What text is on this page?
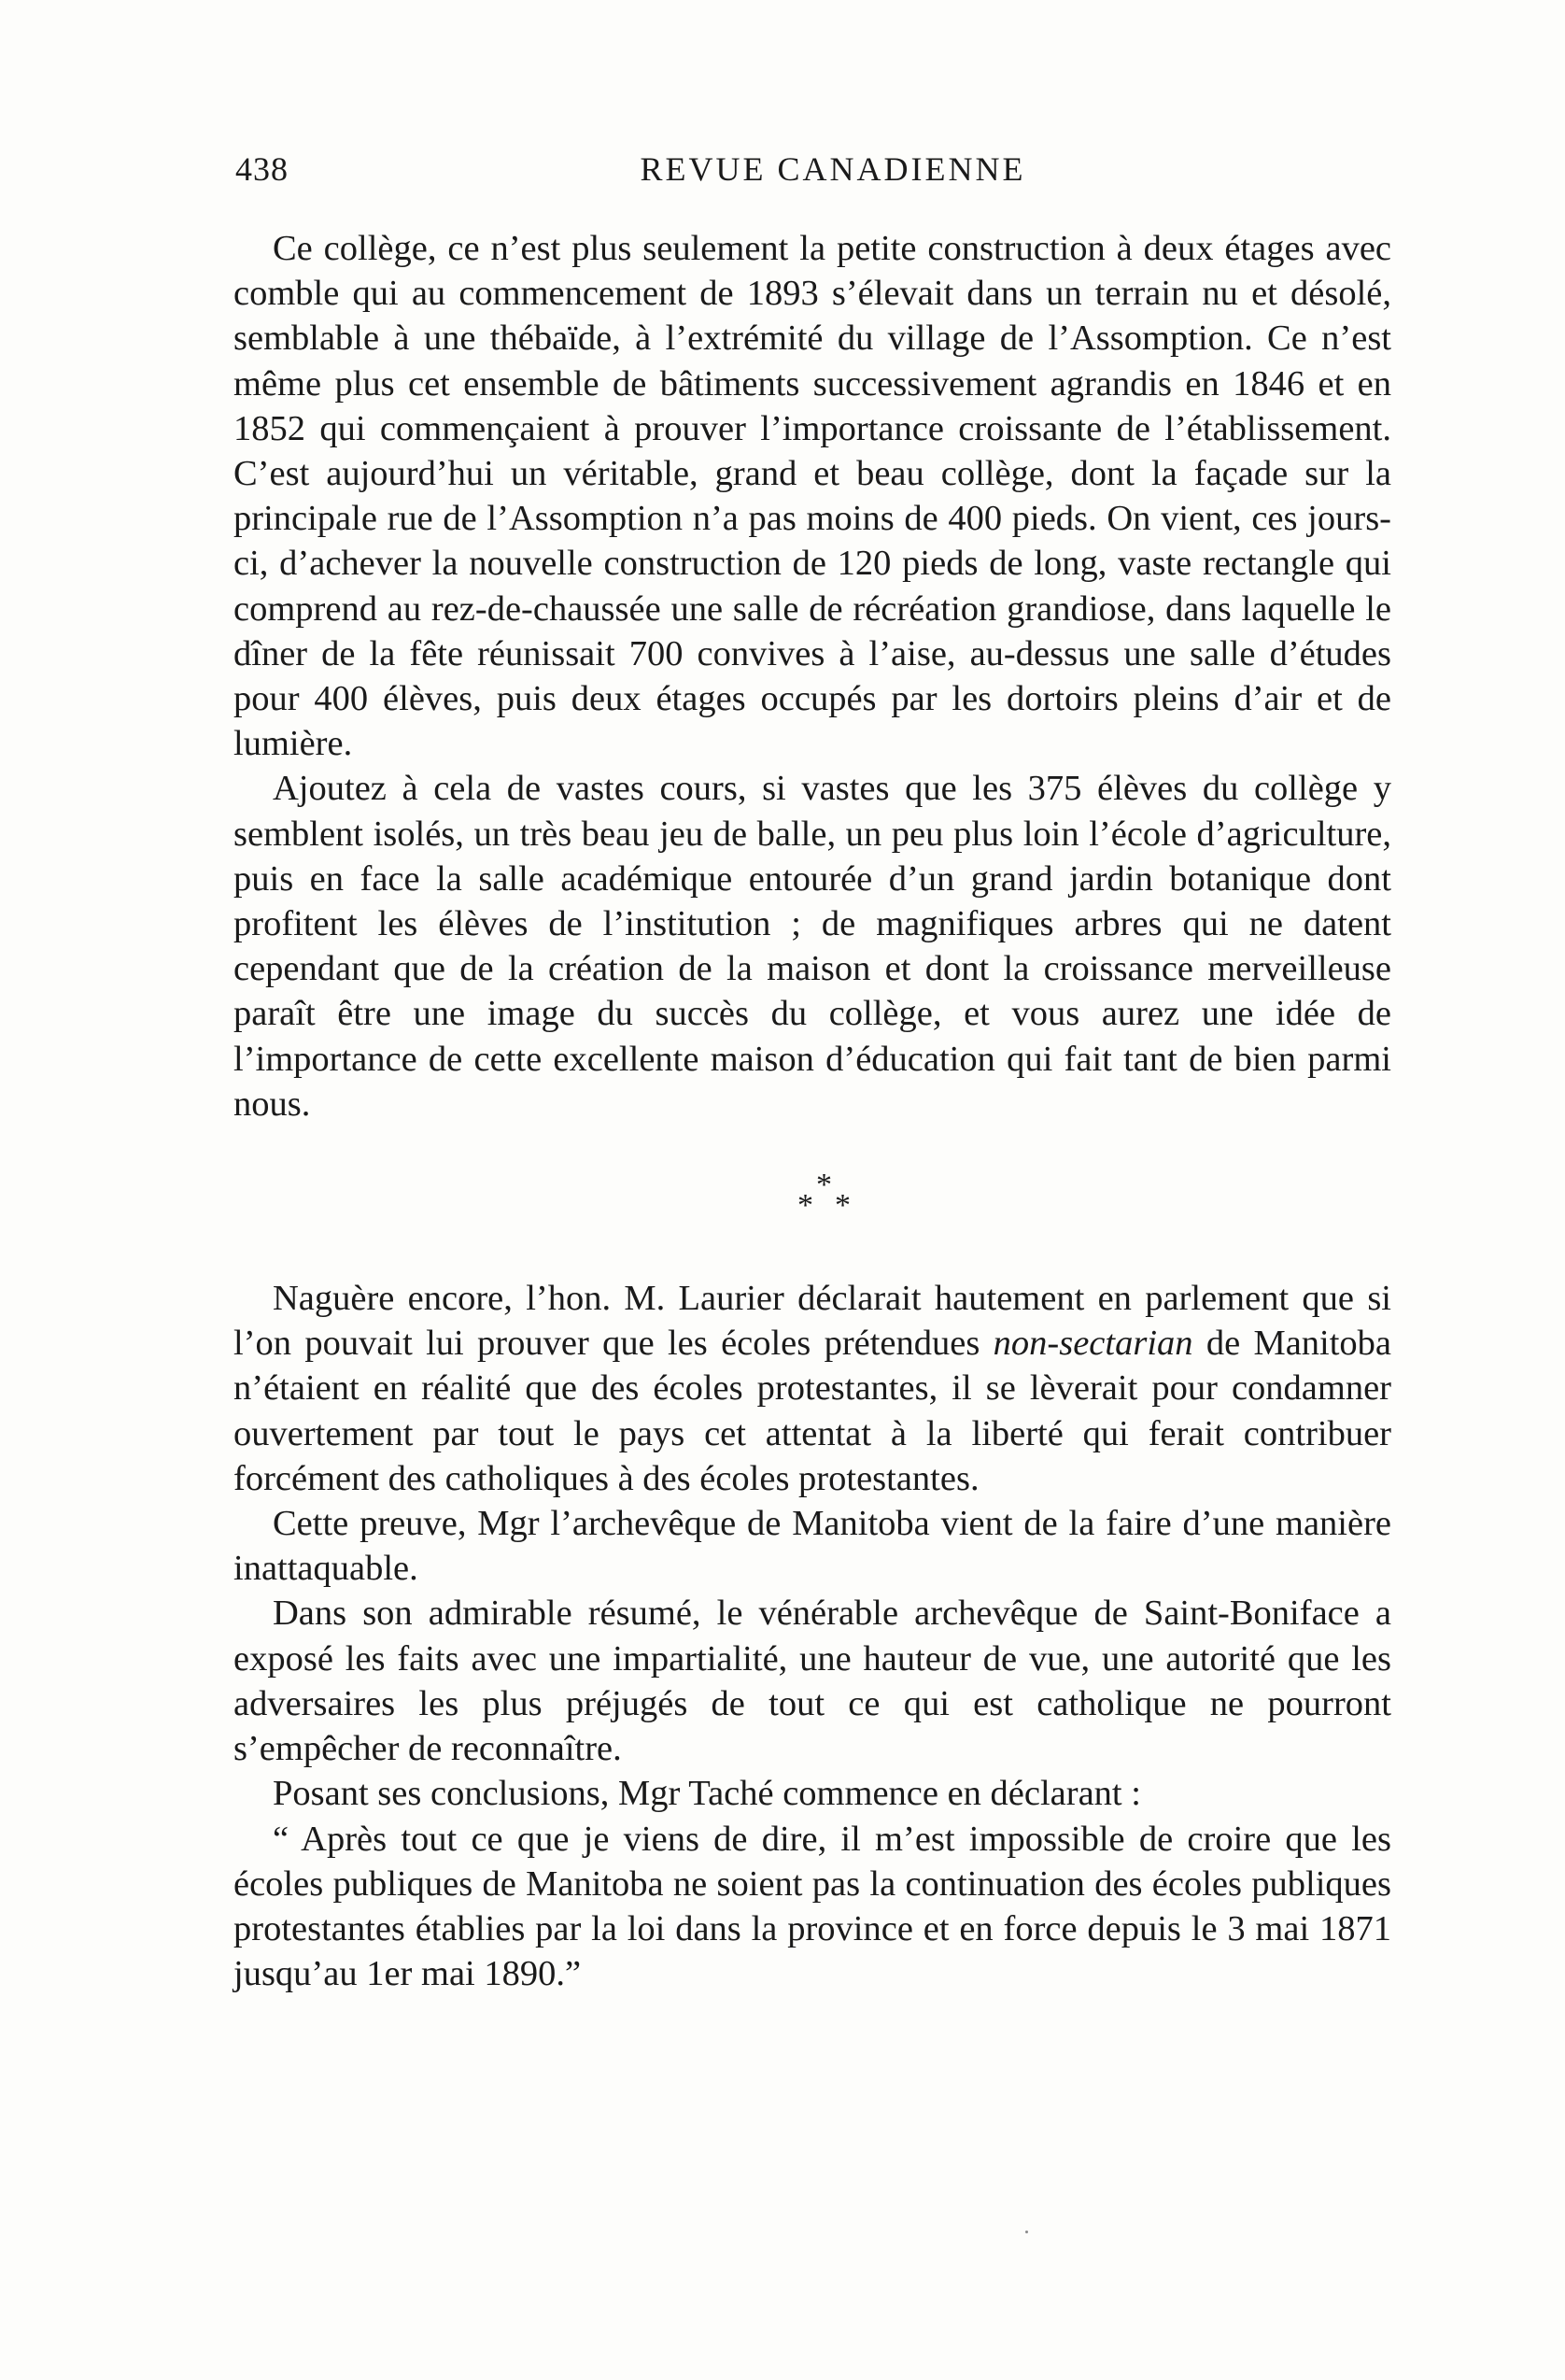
438	REVUE CANADIENNE

Ce collège, ce n’est plus seulement la petite construction à deux étages avec comble qui au commencement de 1893 s’élevait dans un terrain nu et désolé, semblable à une thébaïde, à l’extrémité du village de l’Assomption. Ce n’est même plus cet ensemble de bâtiments successivement agrandis en 1846 et en 1852 qui commençaient à prouver l’importance croissante de l’établissement. C’est aujourd’hui un véritable, grand et beau collège, dont la façade sur la principale rue de l’Assomption n’a pas moins de 400 pieds. On vient, ces jours-ci, d’achever la nouvelle construction de 120 pieds de long, vaste rectangle qui comprend au rez-de-chaussée une salle de récréation grandiose, dans laquelle le dîner de la fête réunissait 700 convives à l’aise, au-dessus une salle d’études pour 400 élèves, puis deux étages occupés par les dortoirs pleins d’air et de lumière.

Ajoutez à cela de vastes cours, si vastes que les 375 élèves du collège y semblent isolés, un très beau jeu de balle, un peu plus loin l’école d’agriculture, puis en face la salle académique entourée d’un grand jardin botanique dont profitent les élèves de l’institution ; de magnifiques arbres qui ne datent cependant que de la création de la maison et dont la croissance merveilleuse paraît être une image du succès du collège, et vous aurez une idée de l’importance de cette excellente maison d’éducation qui fait tant de bien parmi nous.

*
* *

Naguère encore, l’hon. M. Laurier déclarait hautement en parlement que si l’on pouvait lui prouver que les écoles prétendues non-sectarian de Manitoba n’étaient en réalité que des écoles protestantes, il se lèverait pour condamner ouvertement par tout le pays cet attentat à la liberté qui ferait contribuer forcément des catholiques à des écoles protestantes.

Cette preuve, Mgr l’archevêque de Manitoba vient de la faire d’une manière inattaquable.

Dans son admirable résumé, le vénérable archevêque de Saint-Boniface a exposé les faits avec une impartialité, une hauteur de vue, une autorité que les adversaires les plus préjugés de tout ce qui est catholique ne pourront s’empêcher de reconnaître.

Posant ses conclusions, Mgr Taché commence en déclarant :

“ Après tout ce que je viens de dire, il m’est impossible de croire que les écoles publiques de Manitoba ne soient pas la continuation des écoles publiques protestantes établies par la loi dans la province et en force depuis le 3 mai 1871 jusqu’au 1er mai 1890.”
